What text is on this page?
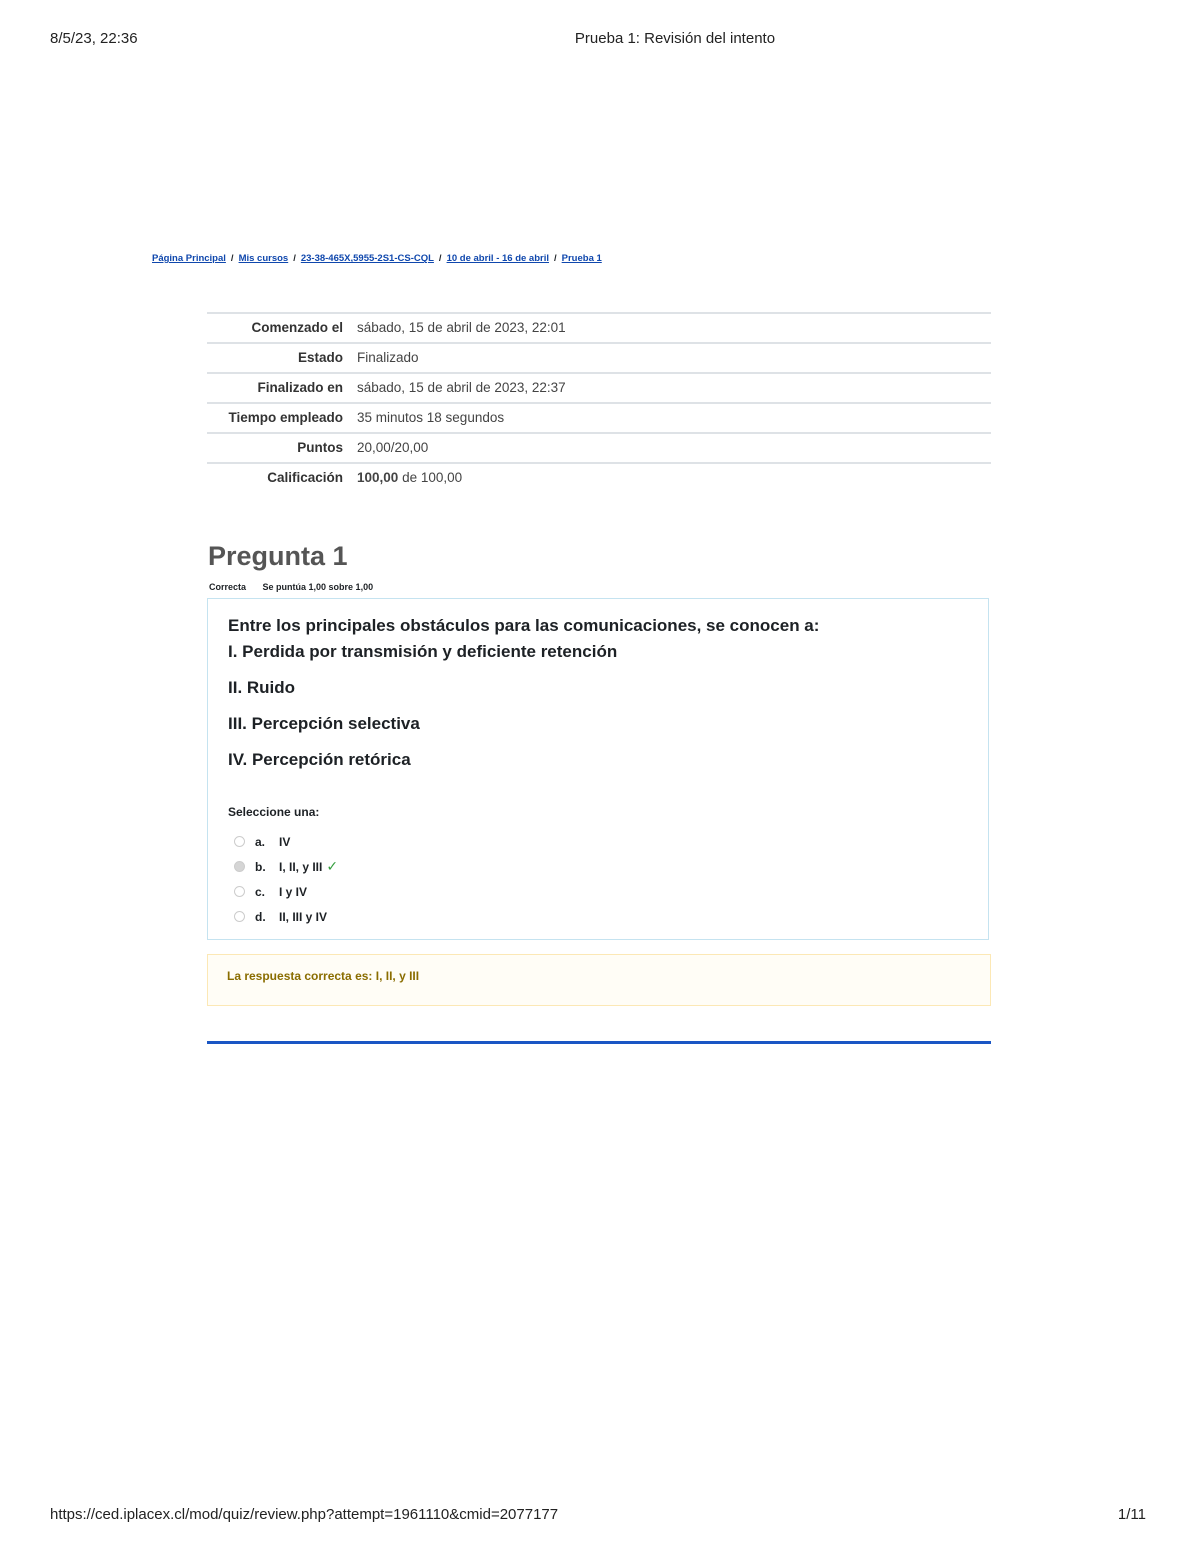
8/5/23, 22:36	Prueba 1: Revisión del intento
Página Principal / Mis cursos / 23-38-465X,5955-2S1-CS-CQL / 10 de abril - 16 de abril / Prueba 1
Comenzado el	sábado, 15 de abril de 2023, 22:01
Estado	Finalizado
Finalizado en	sábado, 15 de abril de 2023, 22:37
Tiempo empleado	35 minutos 18 segundos
Puntos	20,00/20,00
Calificación	100,00 de 100,00
Pregunta 1
Correcta Se puntúa 1,00 sobre 1,00

Entre los principales obstáculos para las comunicaciones, se conocen a:

I. Perdida por transmisión y deficiente retención

II. Ruido

III. Percepción selectiva

IV. Percepción retórica

Seleccione una:
a.	IV
b.	I, II, y III ✓
c.	I y IV
d.	II, III y IV
La respuesta correcta es: I, II, y III
https://ced.iplacex.cl/mod/quiz/review.php?attempt=1961110&cmid=2077177	1/11
